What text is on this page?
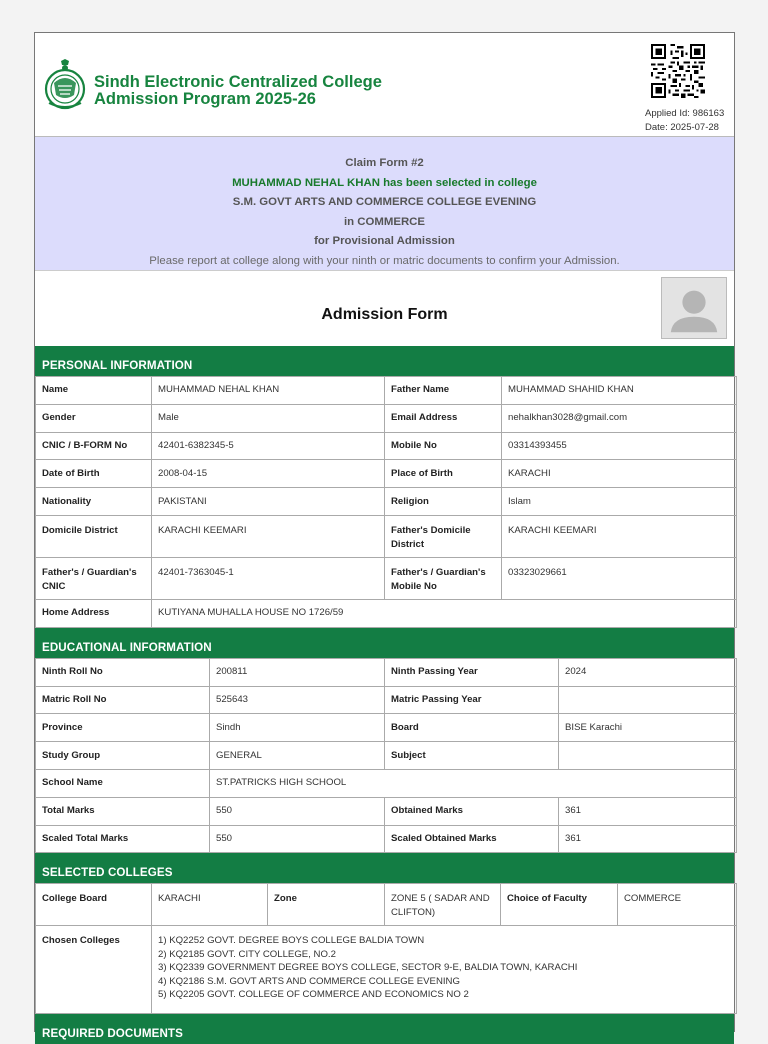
Sindh Electronic Centralized College
Admission Program 2025-26
Applied Id: 986163
Date: 2025-07-28
Claim Form #2
MUHAMMAD NEHAL KHAN has been selected in college
S.M. GOVT ARTS AND COMMERCE COLLEGE EVENING
in COMMERCE
for Provisional Admission
Please report at college along with your ninth or matric documents to confirm your Admission.
Admission Form
PERSONAL INFORMATION
Name	MUHAMMAD NEHAL KHAN	Father Name	MUHAMMAD SHAHID KHAN
Gender	Male	Email Address	nehalkhan3028@gmail.com
CNIC / B-FORM No	42401-6382345-5	Mobile No	03314393455
Date of Birth	2008-04-15	Place of Birth	KARACHI
Nationality	PAKISTANI	Religion	Islam
Domicile District	KARACHI KEEMARI	Father's Domicile District	KARACHI KEEMARI
Father's / Guardian's CNIC	42401-7363045-1	Father's / Guardian's Mobile No	03323029661
Home Address	KUTIYANA MUHALLA HOUSE NO 1726/59		
EDUCATIONAL INFORMATION
Ninth Roll No	200811	Ninth Passing Year	2024
Matric Roll No	525643	Matric Passing Year	
Province	Sindh	Board	BISE Karachi
Study Group	GENERAL	Subject	
School Name	ST.PATRICKS HIGH SCHOOL		
Total Marks	550	Obtained Marks	361
Scaled Total Marks	550	Scaled Obtained Marks	361
SELECTED COLLEGES
College Board	KARACHI	Zone	ZONE 5 ( SADAR AND CLIFTON)	Choice of Faculty	COMMERCE
Chosen Colleges	1) KQ2252 GOVT. DEGREE BOYS COLLEGE BALDIA TOWN
2) KQ2185 GOVT. CITY COLLEGE, NO.2
3) KQ2339 GOVERNMENT DEGREE BOYS COLLEGE, SECTOR 9-E, BALDIA TOWN, KARACHI
4) KQ2186 S.M. GOVT ARTS AND COMMERCE COLLEGE EVENING
5) KQ2205 GOVT. COLLEGE OF COMMERCE AND ECONOMICS NO 2				
REQUIRED DOCUMENTS
